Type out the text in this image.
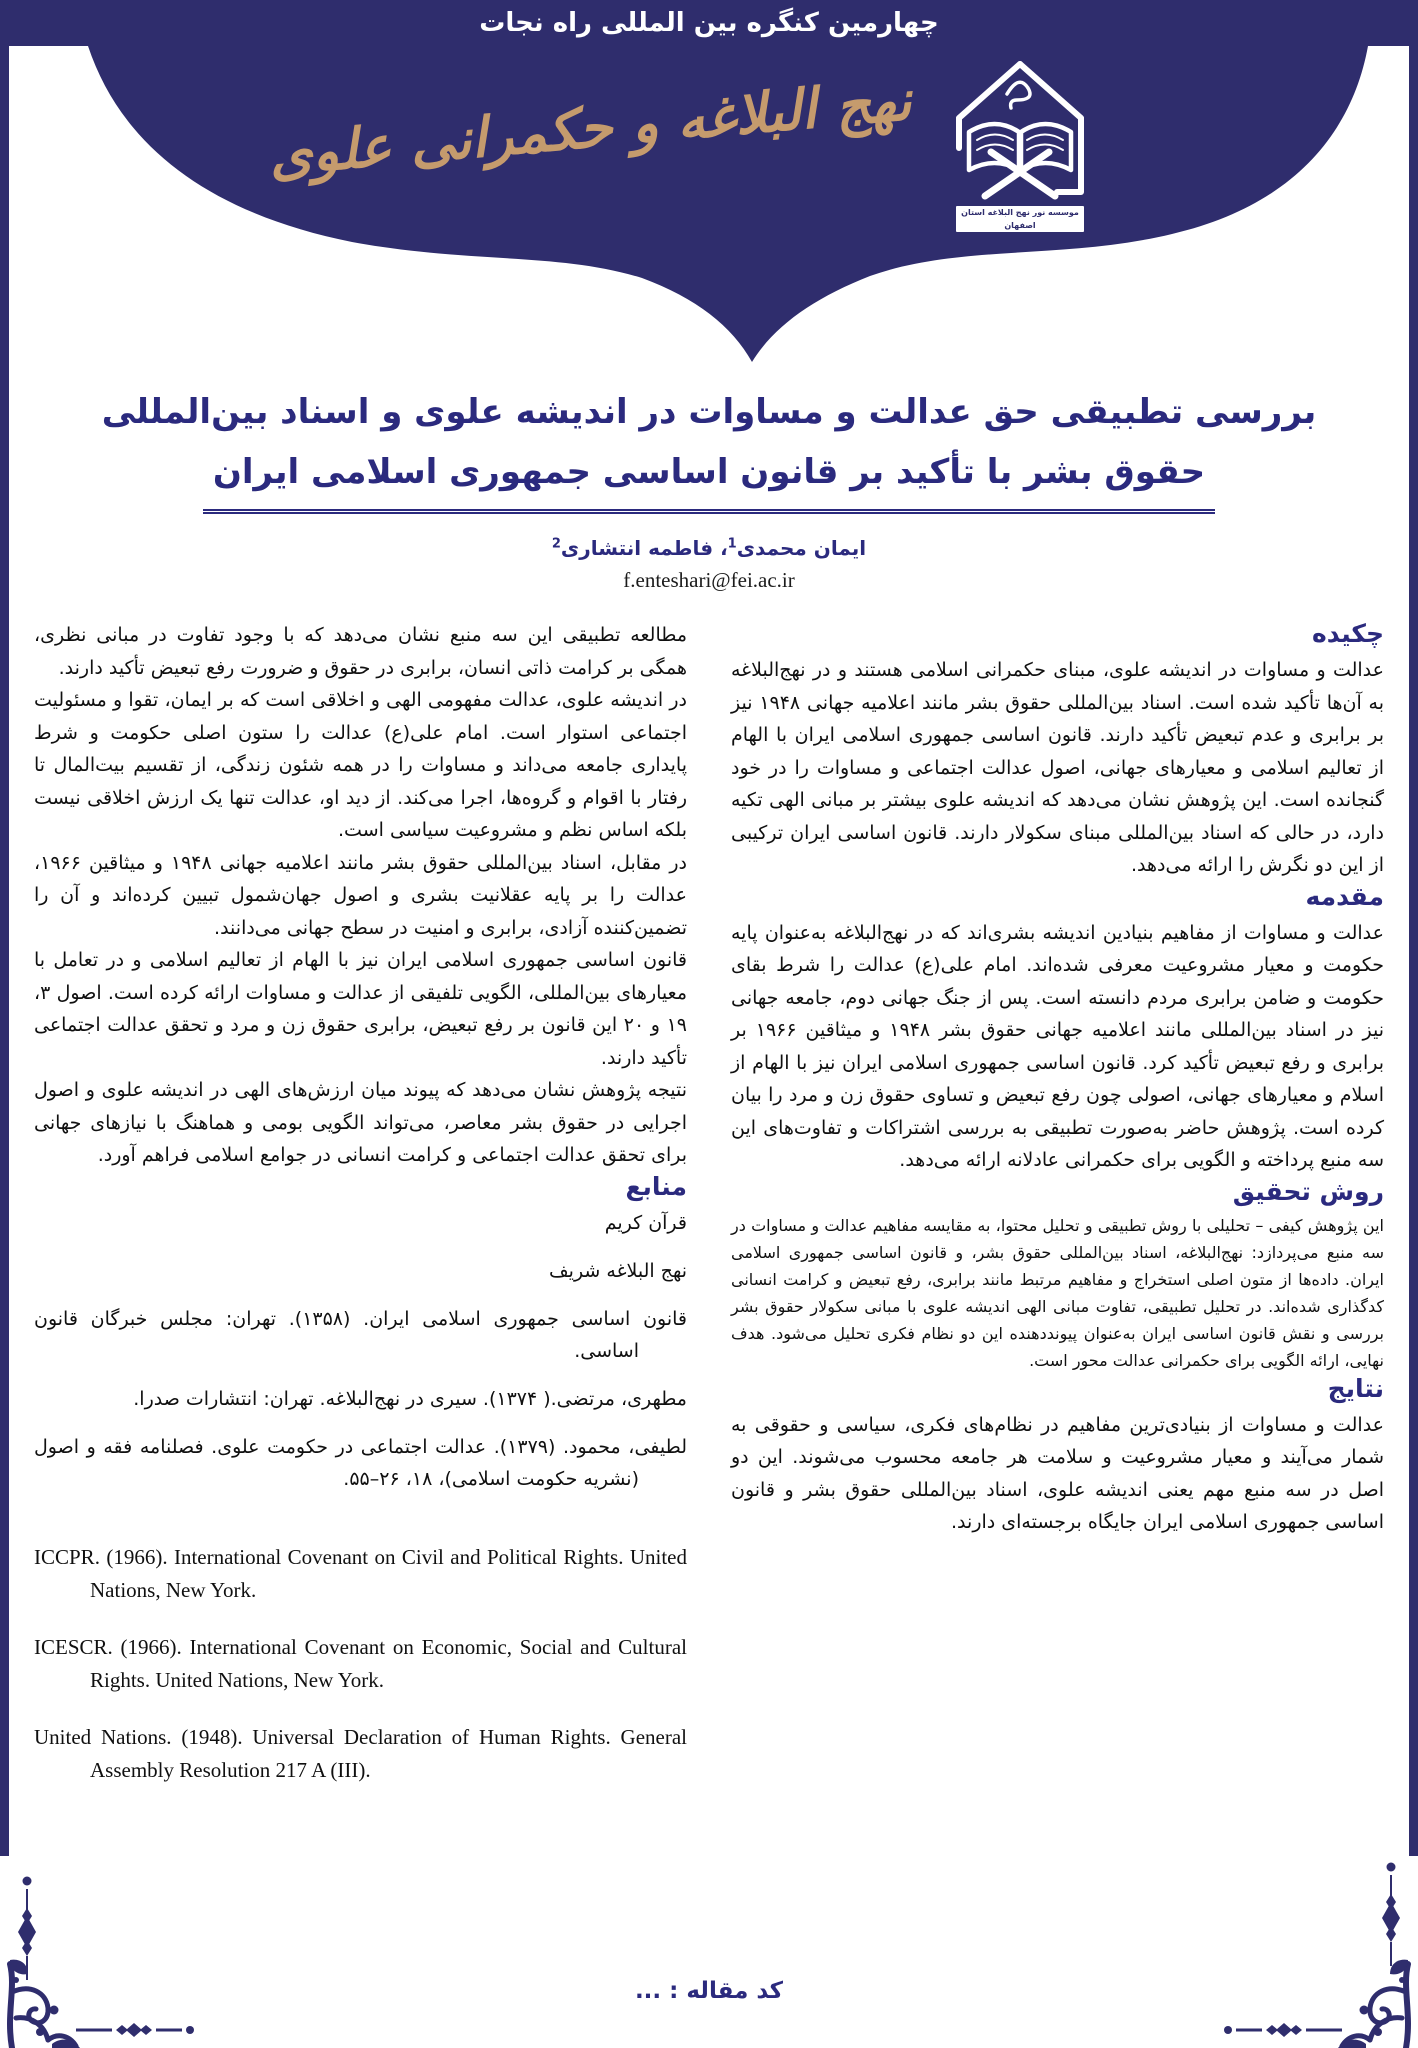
چهارمین کنگره بین المللی راه نجات
نهج البلاغه و حکمرانی علوی
موسسه نور نهج البلاغه استان اصفهان
بررسی تطبیقی حق عدالت و مساوات در اندیشه علوی و اسناد بین‌المللی
حقوق بشر با تأکید بر قانون اساسی جمهوری اسلامی ایران
ایمان محمدی$^1$، فاطمه انتشاری$^2$
f.enteshari@fei.ac.ir
چکیده

عدالت و مساوات در اندیشه علوی، مبنای حکمرانی اسلامی هستند و در نهج‌البلاغه به آن‌ها تأکید شده است. اسناد بین‌المللی حقوق بشر مانند اعلامیه جهانی ۱۹۴۸ نیز بر برابری و عدم تبعیض تأکید دارند. قانون اساسی جمهوری اسلامی ایران با الهام از تعالیم اسلامی و معیارهای جهانی، اصول عدالت اجتماعی و مساوات را در خود گنجانده است. این پژوهش نشان می‌دهد که اندیشه علوی بیشتر بر مبانی الهی تکیه دارد، در حالی که اسناد بین‌المللی مبنای سکولار دارند. قانون اساسی ایران ترکیبی از این دو نگرش را ارائه می‌دهد.

مقدمه

عدالت و مساوات از مفاهیم بنیادین اندیشه بشری‌اند که در نهج‌البلاغه به‌عنوان پایه حکومت و معیار مشروعیت معرفی شده‌اند. امام علی(ع) عدالت را شرط بقای حکومت و ضامن برابری مردم دانسته است. پس از جنگ جهانی دوم، جامعه جهانی نیز در اسناد بین‌المللی مانند اعلامیه جهانی حقوق بشر ۱۹۴۸ و میثاقین ۱۹۶۶ بر برابری و رفع تبعیض تأکید کرد. قانون اساسی جمهوری اسلامی ایران نیز با الهام از اسلام و معیارهای جهانی، اصولی چون رفع تبعیض و تساوی حقوق زن و مرد را بیان کرده است. پژوهش حاضر به‌صورت تطبیقی به بررسی اشتراکات و تفاوت‌های این سه منبع پرداخته و الگویی برای حکمرانی عادلانه ارائه می‌دهد.

روش تحقیق

این پژوهش کیفی – تحلیلی با روش تطبیقی و تحلیل محتوا، به مقایسه مفاهیم عدالت و مساوات در سه منبع می‌پردازد: نهج‌البلاغه، اسناد بین‌المللی حقوق بشر، و قانون اساسی جمهوری اسلامی ایران. داده‌ها از متون اصلی استخراج و مفاهیم مرتبط مانند برابری، رفع تبعیض و کرامت انسانی کدگذاری شده‌اند. در تحلیل تطبیقی، تفاوت مبانی الهی اندیشه علوی با مبانی سکولار حقوق بشر بررسی و نقش قانون اساسی ایران به‌عنوان پیونددهنده این دو نظام فکری تحلیل می‌شود. هدف نهایی، ارائه الگویی برای حکمرانی عدالت محور است.

نتایج

عدالت و مساوات از بنیادی‌ترین مفاهیم در نظام‌های فکری، سیاسی و حقوقی به شمار می‌آیند و معیار مشروعیت و سلامت هر جامعه محسوب می‌شوند. این دو اصل در سه منبع مهم یعنی اندیشه علوی، اسناد بین‌المللی حقوق بشر و قانون اساسی جمهوری اسلامی ایران جایگاه برجسته‌ای دارند.

مطالعه تطبیقی این سه منبع نشان می‌دهد که با وجود تفاوت در مبانی نظری، همگی بر کرامت ذاتی انسان، برابری در حقوق و ضرورت رفع تبعیض تأکید دارند.

در اندیشه علوی، عدالت مفهومی الهی و اخلاقی است که بر ایمان، تقوا و مسئولیت اجتماعی استوار است. امام علی(ع) عدالت را ستون اصلی حکومت و شرط پایداری جامعه می‌داند و مساوات را در همه شئون زندگی، از تقسیم بیت‌المال تا رفتار با اقوام و گروه‌ها، اجرا می‌کند. از دید او، عدالت تنها یک ارزش اخلاقی نیست بلکه اساس نظم و مشروعیت سیاسی است.

در مقابل، اسناد بین‌المللی حقوق بشر مانند اعلامیه جهانی ۱۹۴۸ و میثاقین ۱۹۶۶، عدالت را بر پایه عقلانیت بشری و اصول جهان‌شمول تبیین کرده‌اند و آن را تضمین‌کننده آزادی، برابری و امنیت در سطح جهانی می‌دانند.

قانون اساسی جمهوری اسلامی ایران نیز با الهام از تعالیم اسلامی و در تعامل با معیارهای بین‌المللی، الگویی تلفیقی از عدالت و مساوات ارائه کرده است. اصول ۳، ۱۹ و ۲۰ این قانون بر رفع تبعیض، برابری حقوق زن و مرد و تحقق عدالت اجتماعی تأکید دارند.

نتیجه پژوهش نشان می‌دهد که پیوند میان ارزش‌های الهی در اندیشه علوی و اصول اجرایی در حقوق بشر معاصر، می‌تواند الگویی بومی و هماهنگ با نیازهای جهانی برای تحقق عدالت اجتماعی و کرامت انسانی در جوامع اسلامی فراهم آورد.

منابع

قرآن کریم

نهج البلاغه شریف

قانون اساسی جمهوری اسلامی ایران. (۱۳۵۸). تهران: مجلس خبرگان قانون اساسی.

مطهری، مرتضی.( ۱۳۷۴). سیری در نهج‌البلاغه. تهران: انتشارات صدرا.

لطیفی، محمود. (۱۳۷۹). عدالت اجتماعی در حکومت علوی. فصلنامه فقه و اصول (نشریه حکومت اسلامی)، ۱۸، ۲۶–۵۵.

ICCPR. (1966). International Covenant on Civil and Political Rights. United Nations, New York.

ICESCR. (1966). International Covenant on Economic, Social and Cultural Rights. United Nations, New York.

United Nations. (1948). Universal Declaration of Human Rights. General Assembly Resolution 217 A (III).

کد مقاله : ...
